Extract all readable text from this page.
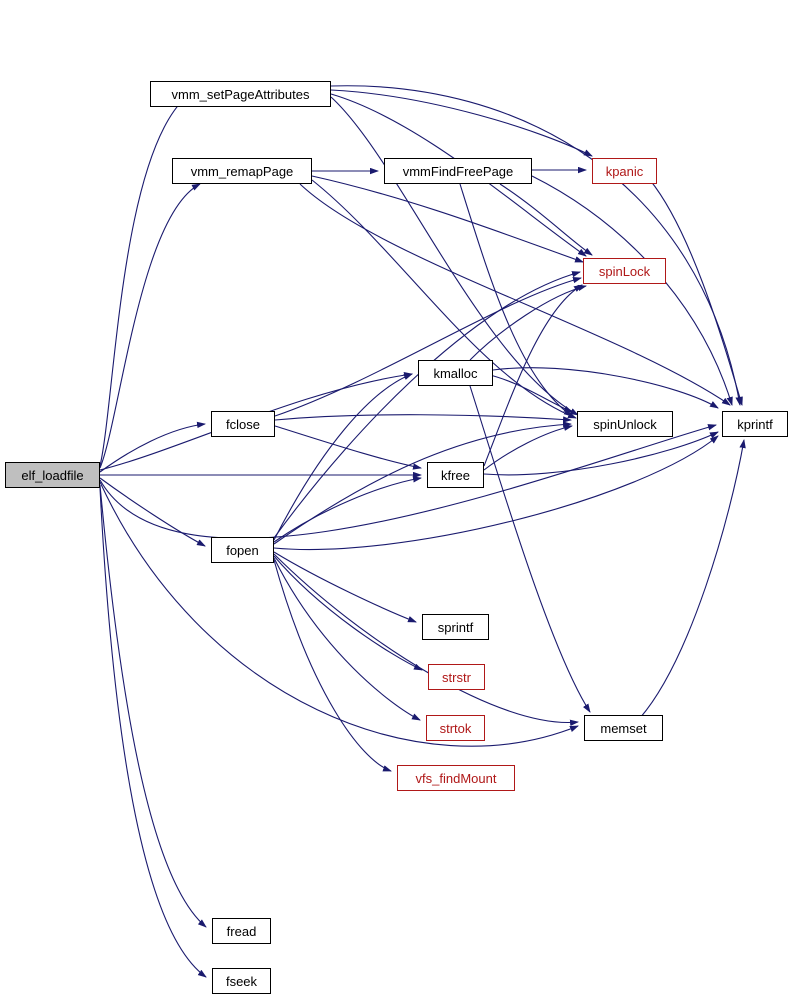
elf_loadfile
vmm_setPageAttributes
vmm_remapPage	vmmFindFreePage	kpanic
spinLock
kmalloc
kprintf
spinUnlock
fclose
kfree
fopen
sprintf
strstr
strtok
vfs_findMount
memset
fread
fseek
